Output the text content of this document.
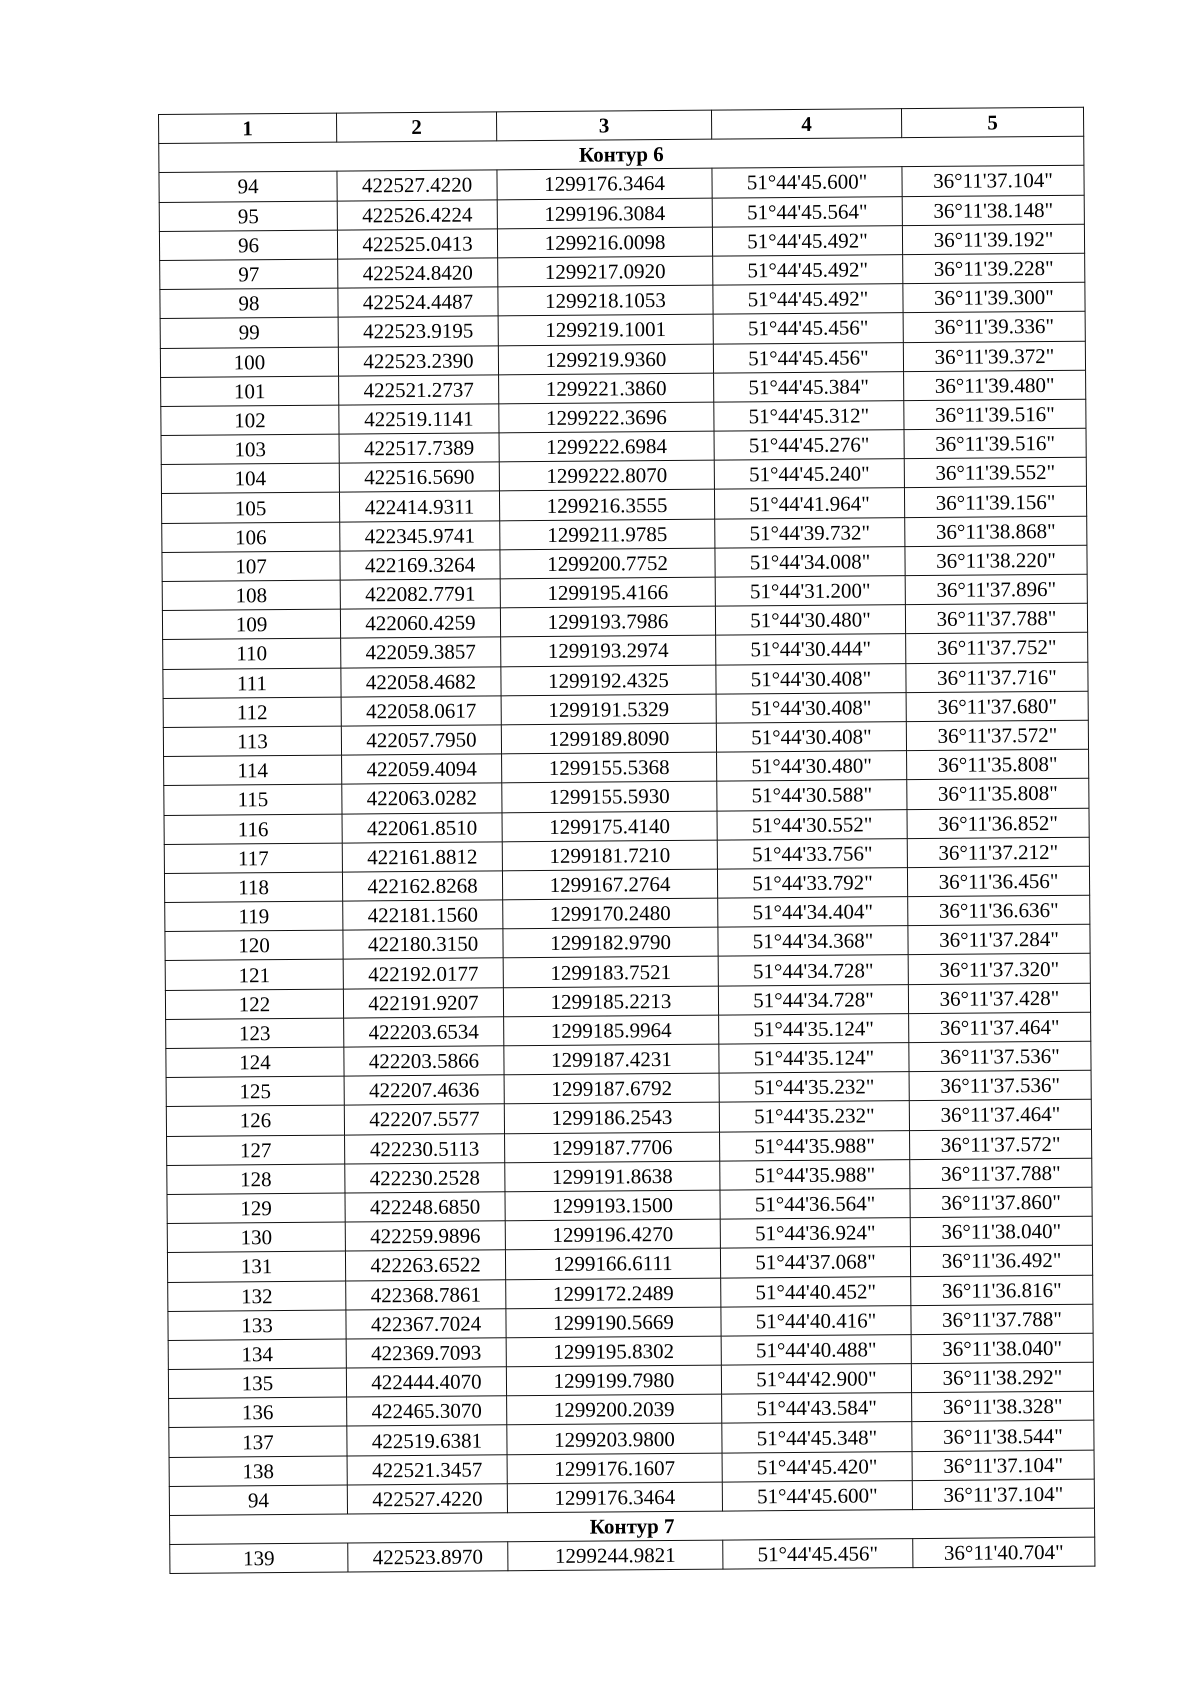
1	2	3	4	5
Контур 6				
94	422527.4220	1299176.3464	51°44'45.600"	36°11'37.104"
95	422526.4224	1299196.3084	51°44'45.564"	36°11'38.148"
96	422525.0413	1299216.0098	51°44'45.492"	36°11'39.192"
97	422524.8420	1299217.0920	51°44'45.492"	36°11'39.228"
98	422524.4487	1299218.1053	51°44'45.492"	36°11'39.300"
99	422523.9195	1299219.1001	51°44'45.456"	36°11'39.336"
100	422523.2390	1299219.9360	51°44'45.456"	36°11'39.372"
101	422521.2737	1299221.3860	51°44'45.384"	36°11'39.480"
102	422519.1141	1299222.3696	51°44'45.312"	36°11'39.516"
103	422517.7389	1299222.6984	51°44'45.276"	36°11'39.516"
104	422516.5690	1299222.8070	51°44'45.240"	36°11'39.552"
105	422414.9311	1299216.3555	51°44'41.964"	36°11'39.156"
106	422345.9741	1299211.9785	51°44'39.732"	36°11'38.868"
107	422169.3264	1299200.7752	51°44'34.008"	36°11'38.220"
108	422082.7791	1299195.4166	51°44'31.200"	36°11'37.896"
109	422060.4259	1299193.7986	51°44'30.480"	36°11'37.788"
110	422059.3857	1299193.2974	51°44'30.444"	36°11'37.752"
111	422058.4682	1299192.4325	51°44'30.408"	36°11'37.716"
112	422058.0617	1299191.5329	51°44'30.408"	36°11'37.680"
113	422057.7950	1299189.8090	51°44'30.408"	36°11'37.572"
114	422059.4094	1299155.5368	51°44'30.480"	36°11'35.808"
115	422063.0282	1299155.5930	51°44'30.588"	36°11'35.808"
116	422061.8510	1299175.4140	51°44'30.552"	36°11'36.852"
117	422161.8812	1299181.7210	51°44'33.756"	36°11'37.212"
118	422162.8268	1299167.2764	51°44'33.792"	36°11'36.456"
119	422181.1560	1299170.2480	51°44'34.404"	36°11'36.636"
120	422180.3150	1299182.9790	51°44'34.368"	36°11'37.284"
121	422192.0177	1299183.7521	51°44'34.728"	36°11'37.320"
122	422191.9207	1299185.2213	51°44'34.728"	36°11'37.428"
123	422203.6534	1299185.9964	51°44'35.124"	36°11'37.464"
124	422203.5866	1299187.4231	51°44'35.124"	36°11'37.536"
125	422207.4636	1299187.6792	51°44'35.232"	36°11'37.536"
126	422207.5577	1299186.2543	51°44'35.232"	36°11'37.464"
127	422230.5113	1299187.7706	51°44'35.988"	36°11'37.572"
128	422230.2528	1299191.8638	51°44'35.988"	36°11'37.788"
129	422248.6850	1299193.1500	51°44'36.564"	36°11'37.860"
130	422259.9896	1299196.4270	51°44'36.924"	36°11'38.040"
131	422263.6522	1299166.6111	51°44'37.068"	36°11'36.492"
132	422368.7861	1299172.2489	51°44'40.452"	36°11'36.816"
133	422367.7024	1299190.5669	51°44'40.416"	36°11'37.788"
134	422369.7093	1299195.8302	51°44'40.488"	36°11'38.040"
135	422444.4070	1299199.7980	51°44'42.900"	36°11'38.292"
136	422465.3070	1299200.2039	51°44'43.584"	36°11'38.328"
137	422519.6381	1299203.9800	51°44'45.348"	36°11'38.544"
138	422521.3457	1299176.1607	51°44'45.420"	36°11'37.104"
94	422527.4220	1299176.3464	51°44'45.600"	36°11'37.104"
Контур 7				
139	422523.8970	1299244.9821	51°44'45.456"	36°11'40.704"
